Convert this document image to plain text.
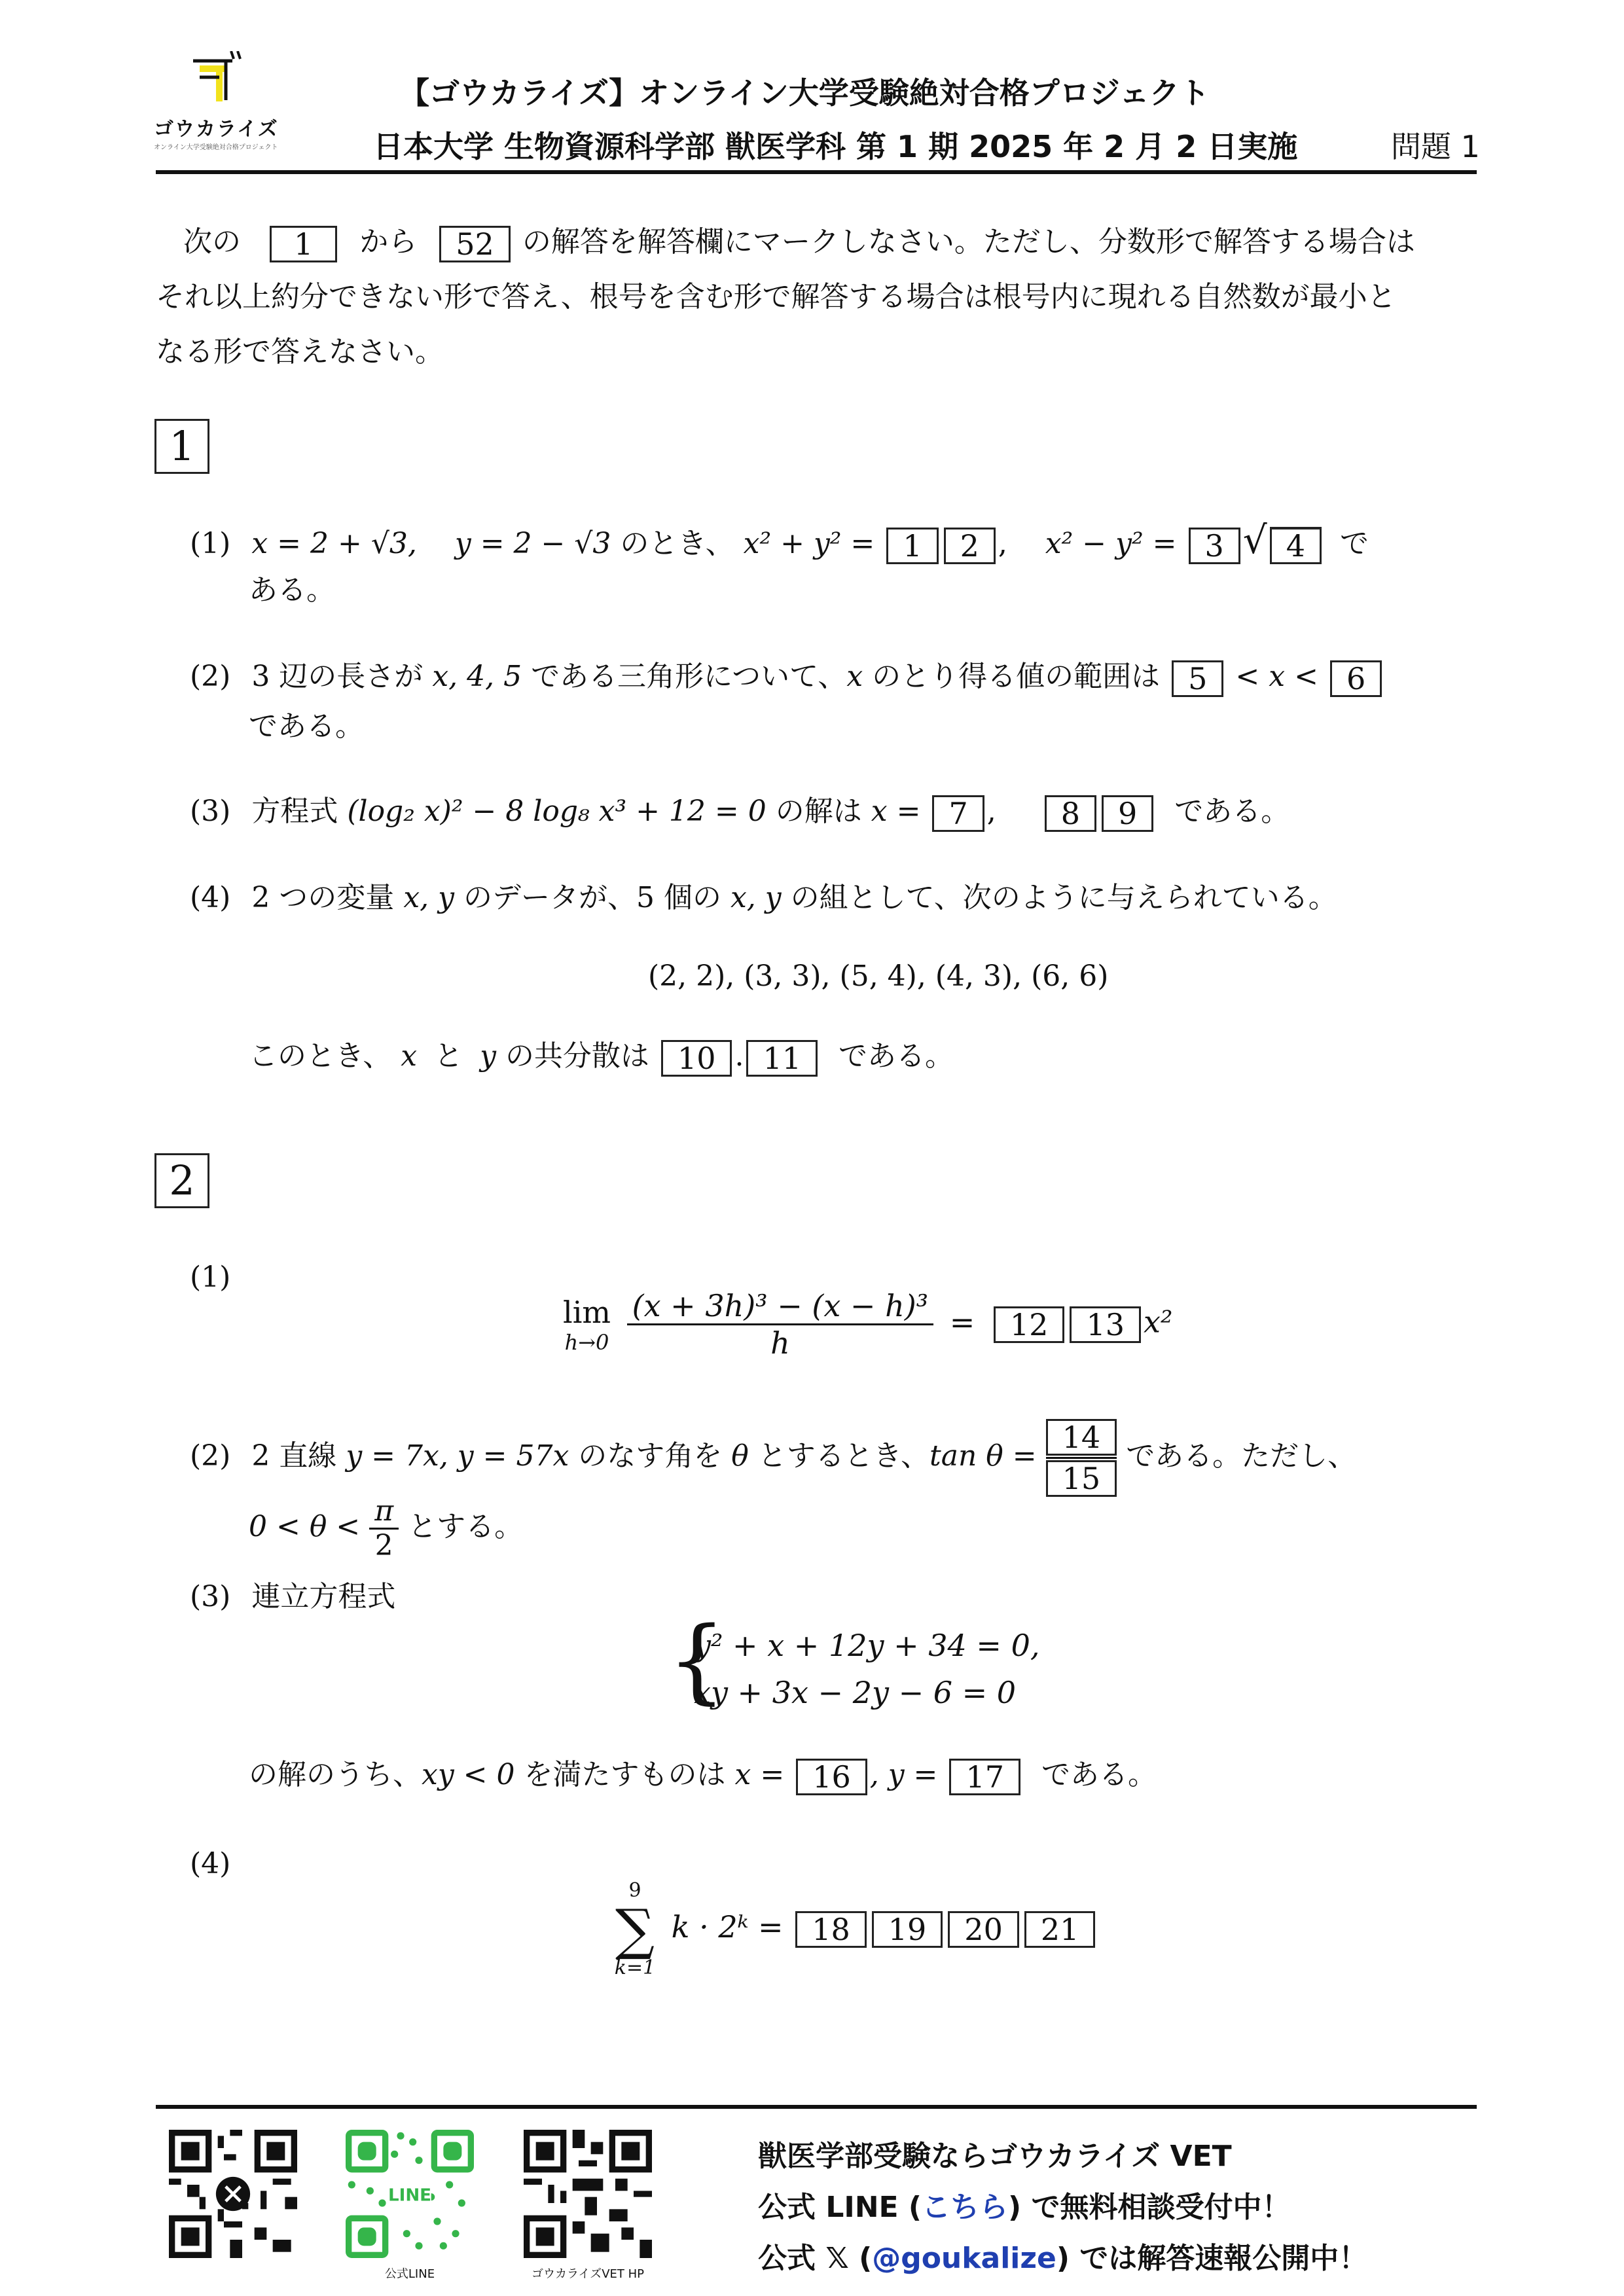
ゴウカライズ
オンライン大学受験絶対合格プロジェクト
【ゴウカライズ】オンライン大学受験絶対合格プロジェクト
日本大学 生物資源科学部 獣医学科 第 1 期 2025 年 2 月 2 日実施	問題 1
次の 1 から 52 の解答を解答欄にマークしなさい。ただし、分数形で解答する場合は
それ以上約分できない形で答え、根号を含む形で解答する場合は根号内に現れる自然数が最小と
なる形で答えなさい。
1
(1) x = 2 + √3, y = 2 − √3 のとき、 x² + y² = 1 2 , x² − y² = 3 √ 4 で
ある。
(2) 3 辺の長さが x, 4, 5 である三角形について、x のとり得る値の範囲は 5 < x < 6
である。
(3) 方程式 (log₂ x)² − 8 log₈ x³ + 12 = 0 の解は x = 7 , 8 9 である。
(4) 2 つの変量 x, y のデータが、5 個の x, y の組として、次のように与えられている。
(2, 2), (3, 3), (5, 4), (4, 3), (6, 6)
このとき、 x と y の共分散は 10 . 11 である。
2
(1)
lim
h→0
$\frac{\text{(x + 3h)³ − (x − h)³}}{h} = 12$ 13 x²
(2) 2 直線 y = 7x, y = 57x のなす角を θ とするとき、$\tan \theta = \frac{14}{15}$ である。ただし、
$0 < \theta < \frac{\pi}{2}$ とする。
(3) 連立方程式
{
y² + x + 12y + 34 = 0,
xy + 3x − 2y − 6 = 0
の解のうち、xy < 0 を満たすものは x = 16 , y = 17 である。
(4)
9
∑
k=1
k · 2ᵏ = 18 19 20 21
LINE
公式LINE	ゴウカライズVET HP
獣医学部受験ならゴウカライズ VET
公式 LINE (こちら) で無料相談受付中！
公式 𝕏 (@goukalize) では解答速報公開中！
